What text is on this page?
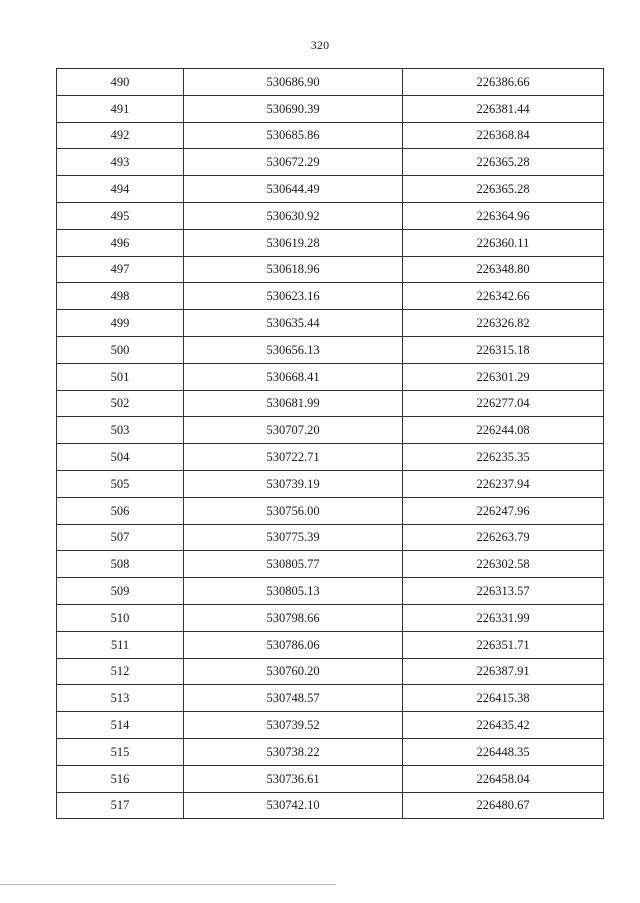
320
490	530686.90	226386.66
491	530690.39	226381.44
492	530685.86	226368.84
493	530672.29	226365.28
494	530644.49	226365.28
495	530630.92	226364.96
496	530619.28	226360.11
497	530618.96	226348.80
498	530623.16	226342.66
499	530635.44	226326.82
500	530656.13	226315.18
501	530668.41	226301.29
502	530681.99	226277.04
503	530707.20	226244.08
504	530722.71	226235.35
505	530739.19	226237.94
506	530756.00	226247.96
507	530775.39	226263.79
508	530805.77	226302.58
509	530805.13	226313.57
510	530798.66	226331.99
511	530786.06	226351.71
512	530760.20	226387.91
513	530748.57	226415.38
514	530739.52	226435.42
515	530738.22	226448.35
516	530736.61	226458.04
517	530742.10	226480.67
